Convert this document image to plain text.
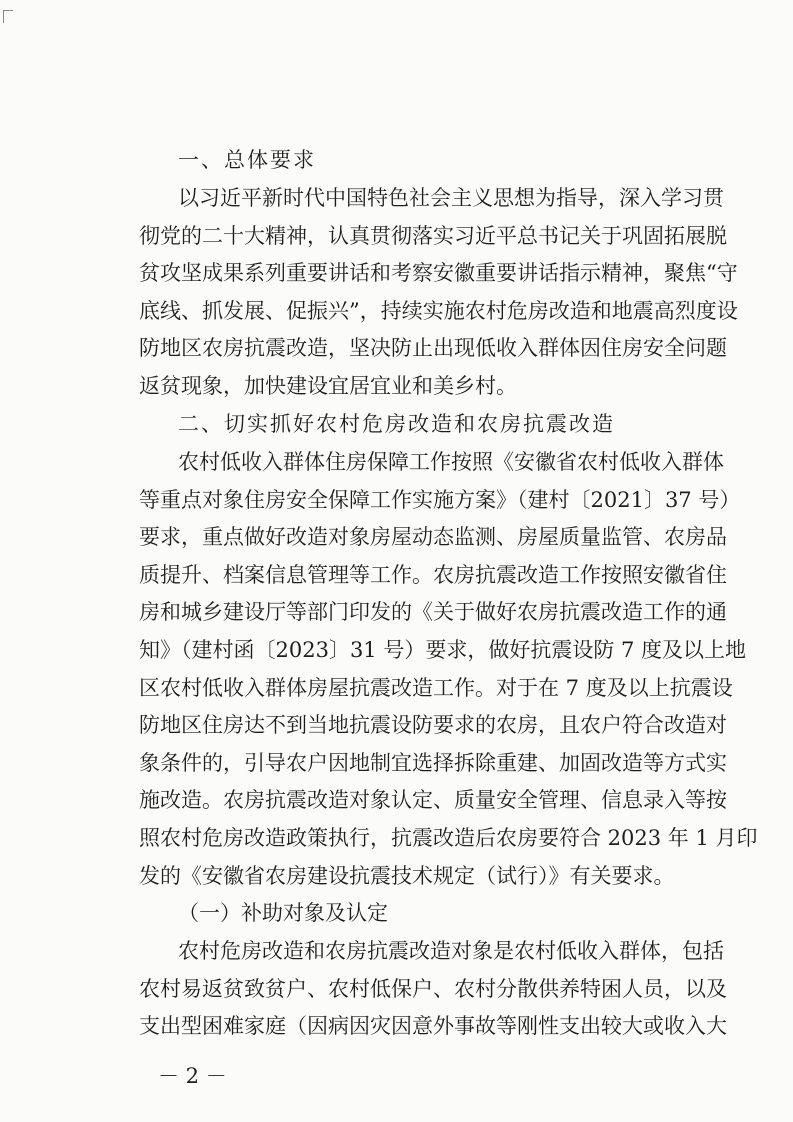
一、总体要求
以习近平新时代中国特色社会主义思想为指导，深入学习贯
彻党的二十大精神，认真贯彻落实习近平总书记关于巩固拓展脱
贫攻坚成果系列重要讲话和考察安徽重要讲话指示精神，聚焦“守
底线、抓发展、促振兴”，持续实施农村危房改造和地震高烈度设
防地区农房抗震改造，坚决防止出现低收入群体因住房安全问题
返贫现象，加快建设宜居宜业和美乡村。
二、切实抓好农村危房改造和农房抗震改造
农村低收入群体住房保障工作按照《安徽省农村低收入群体
等重点对象住房安全保障工作实施方案》（建村〔2021〕37 号）
要求，重点做好改造对象房屋动态监测、房屋质量监管、农房品
质提升、档案信息管理等工作。农房抗震改造工作按照安徽省住
房和城乡建设厅等部门印发的《关于做好农房抗震改造工作的通
知》（建村函〔2023〕31 号）要求，做好抗震设防 7 度及以上地
区农村低收入群体房屋抗震改造工作。对于在 7 度及以上抗震设
防地区住房达不到当地抗震设防要求的农房，且农户符合改造对
象条件的，引导农户因地制宜选择拆除重建、加固改造等方式实
施改造。农房抗震改造对象认定、质量安全管理、信息录入等按
照农村危房改造政策执行，抗震改造后农房要符合 2023 年 1 月印
发的《安徽省农房建设抗震技术规定（试行）》有关要求。
（一）补助对象及认定
－ 2 －
农村危房改造和农房抗震改造对象是农村低收入群体，包括
农村易返贫致贫户、农村低保户、农村分散供养特困人员，以及
支出型困难家庭（因病因灾因意外事故等刚性支出较大或收入大
